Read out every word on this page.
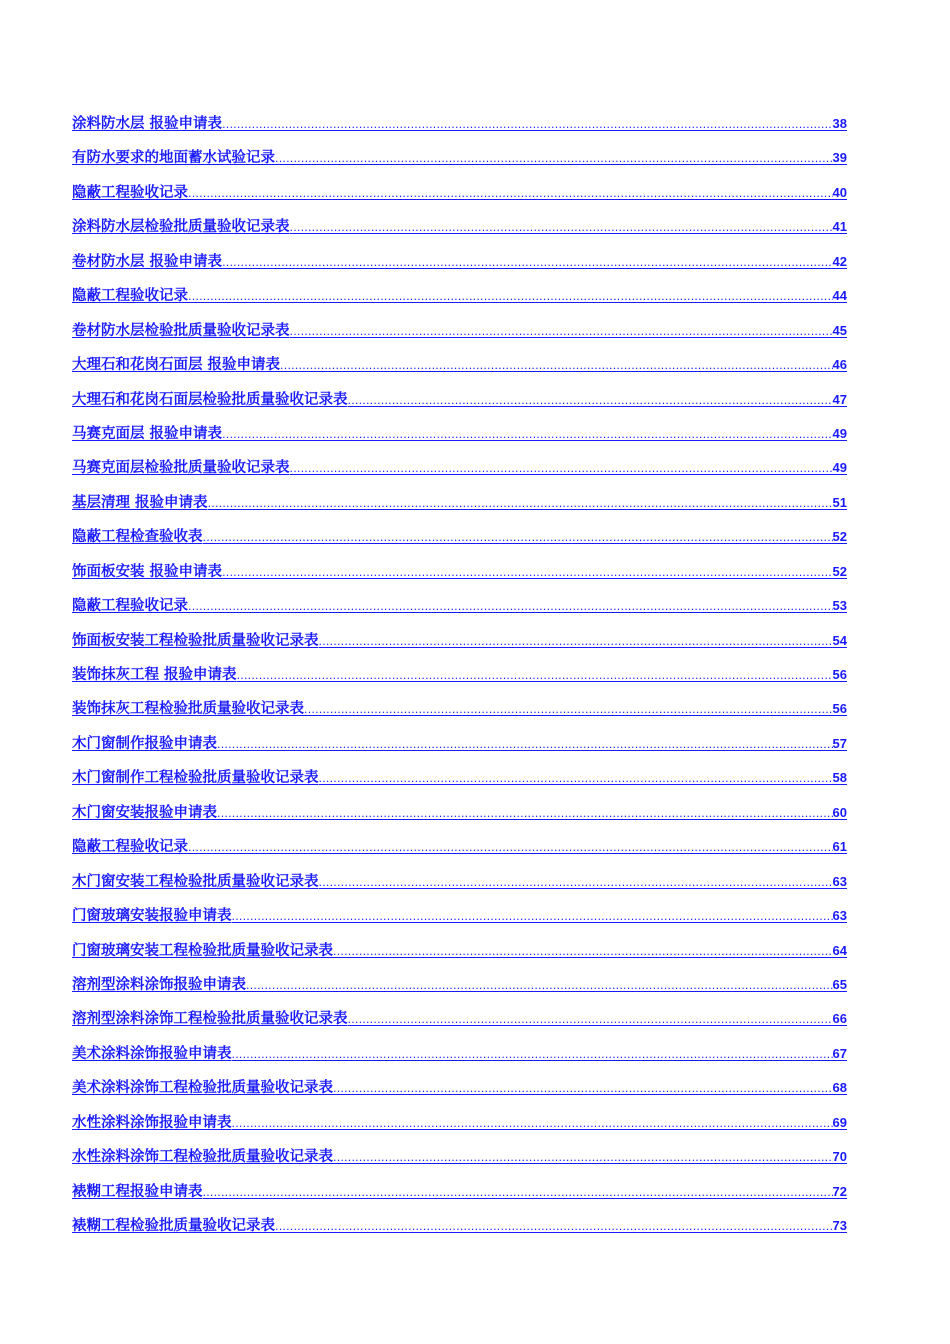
涂料防水层 报验申请表 .....	38
有防水要求的地面蓄水试验记录 .....	39
隐蔽工程验收记录 .....	40
涂料防水层检验批质量验收记录表 .....	41
卷材防水层 报验申请表 .....	42
隐蔽工程验收记录 .....	44
卷材防水层检验批质量验收记录表 .....	45
大理石和花岗石面层 报验申请表 .....	46
大理石和花岗石面层检验批质量验收记录表 .....	47
马赛克面层 报验申请表 .....	49
马赛克面层检验批质量验收记录表 .....	49
基层清理 报验申请表 .....	51
隐蔽工程检查验收表 .....	52
饰面板安装 报验申请表 .....	52
隐蔽工程验收记录 .....	53
饰面板安装工程检验批质量验收记录表 .....	54
装饰抹灰工程 报验申请表 .....	56
装饰抹灰工程检验批质量验收记录表 .....	56
木门窗制作报验申请表 .....	57
木门窗制作工程检验批质量验收记录表 .....	58
木门窗安装报验申请表 .....	60
隐蔽工程验收记录 .....	61
木门窗安装工程检验批质量验收记录表 .....	63
门窗玻璃安装报验申请表 .....	63
门窗玻璃安装工程检验批质量验收记录表 .....	64
溶剂型涂料涂饰报验申请表 .....	65
溶剂型涂料涂饰工程检验批质量验收记录表 .....	66
美术涂料涂饰报验申请表 .....	67
美术涂料涂饰工程检验批质量验收记录表 .....	68
水性涂料涂饰报验申请表 .....	69
水性涂料涂饰工程检验批质量验收记录表 .....	70
裱糊工程报验申请表 .....	72
裱糊工程检验批质量验收记录表 .....	73
